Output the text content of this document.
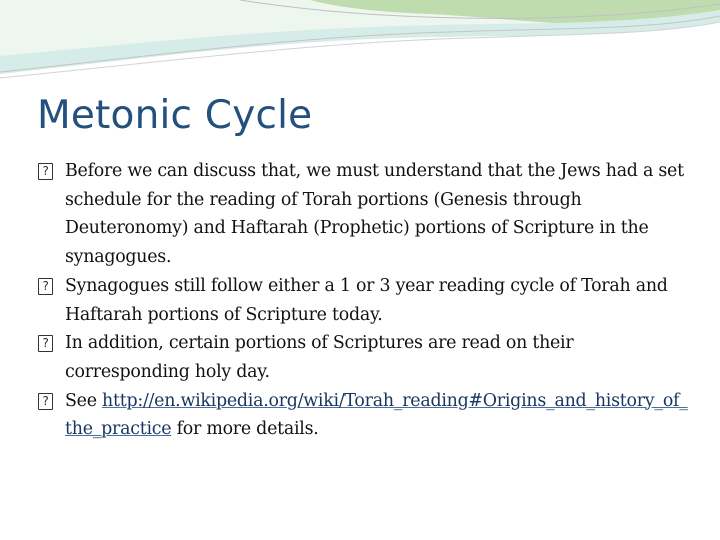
Metonic Cycle
? Before we can discuss that, we must understand that the Jews had a set schedule for the reading of Torah portions (Genesis through Deuteronomy) and Haftarah (Prophetic) portions of Scripture in the synagogues.
? Synagogues still follow either a 1 or 3 year reading cycle of Torah and Haftarah portions of Scripture today.
? In addition, certain portions of Scriptures are read on their corresponding holy day.
? See http://en.wikipedia.org/wiki/Torah_reading#Origins_and_history_of_the_practice for more details.
